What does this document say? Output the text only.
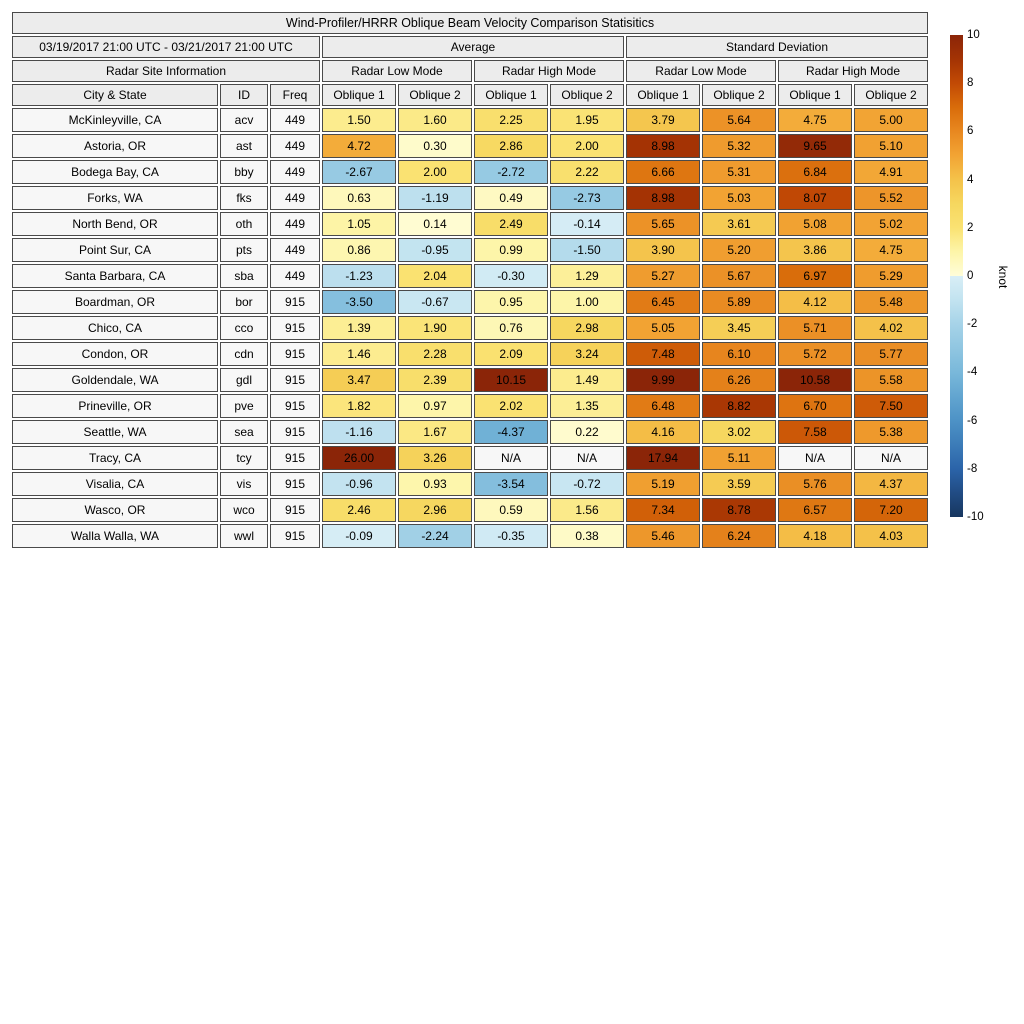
Wind-Profiler/HRRR Oblique Beam Velocity Comparison Statisitics										
03/19/2017 21:00 UTC - 03/21/2017 21:00 UTC			Average				Standard Deviation			
Radar Site Information			Radar Low Mode		Radar High Mode		Radar Low Mode		Radar High Mode	
City & State	ID	Freq	Oblique 1	Oblique 2	Oblique 1	Oblique 2	Oblique 1	Oblique 2	Oblique 1	Oblique 2
McKinleyville, CA	acv	449	1.50	1.60	2.25	1.95	3.79	5.64	4.75	5.00
Astoria, OR	ast	449	4.72	0.30	2.86	2.00	8.98	5.32	9.65	5.10
Bodega Bay, CA	bby	449	-2.67	2.00	-2.72	2.22	6.66	5.31	6.84	4.91
Forks, WA	fks	449	0.63	-1.19	0.49	-2.73	8.98	5.03	8.07	5.52
North Bend, OR	oth	449	1.05	0.14	2.49	-0.14	5.65	3.61	5.08	5.02
Point Sur, CA	pts	449	0.86	-0.95	0.99	-1.50	3.90	5.20	3.86	4.75
Santa Barbara, CA	sba	449	-1.23	2.04	-0.30	1.29	5.27	5.67	6.97	5.29
Boardman, OR	bor	915	-3.50	-0.67	0.95	1.00	6.45	5.89	4.12	5.48
Chico, CA	cco	915	1.39	1.90	0.76	2.98	5.05	3.45	5.71	4.02
Condon, OR	cdn	915	1.46	2.28	2.09	3.24	7.48	6.10	5.72	5.77
Goldendale, WA	gdl	915	3.47	2.39	10.15	1.49	9.99	6.26	10.58	5.58
Prineville, OR	pve	915	1.82	0.97	2.02	1.35	6.48	8.82	6.70	7.50
Seattle, WA	sea	915	-1.16	1.67	-4.37	0.22	4.16	3.02	7.58	5.38
Tracy, CA	tcy	915	26.00	3.26	N/A	N/A	17.94	5.11	N/A	N/A
Visalia, CA	vis	915	-0.96	0.93	-3.54	-0.72	5.19	3.59	5.76	4.37
Wasco, OR	wco	915	2.46	2.96	0.59	1.56	7.34	8.78	6.57	7.20
Walla Walla, WA	wwl	915	-0.09	-2.24	-0.35	0.38	5.46	6.24	4.18	4.03
10
8
6
4
2
0
-2
-4
-6
-8
-10
knot
